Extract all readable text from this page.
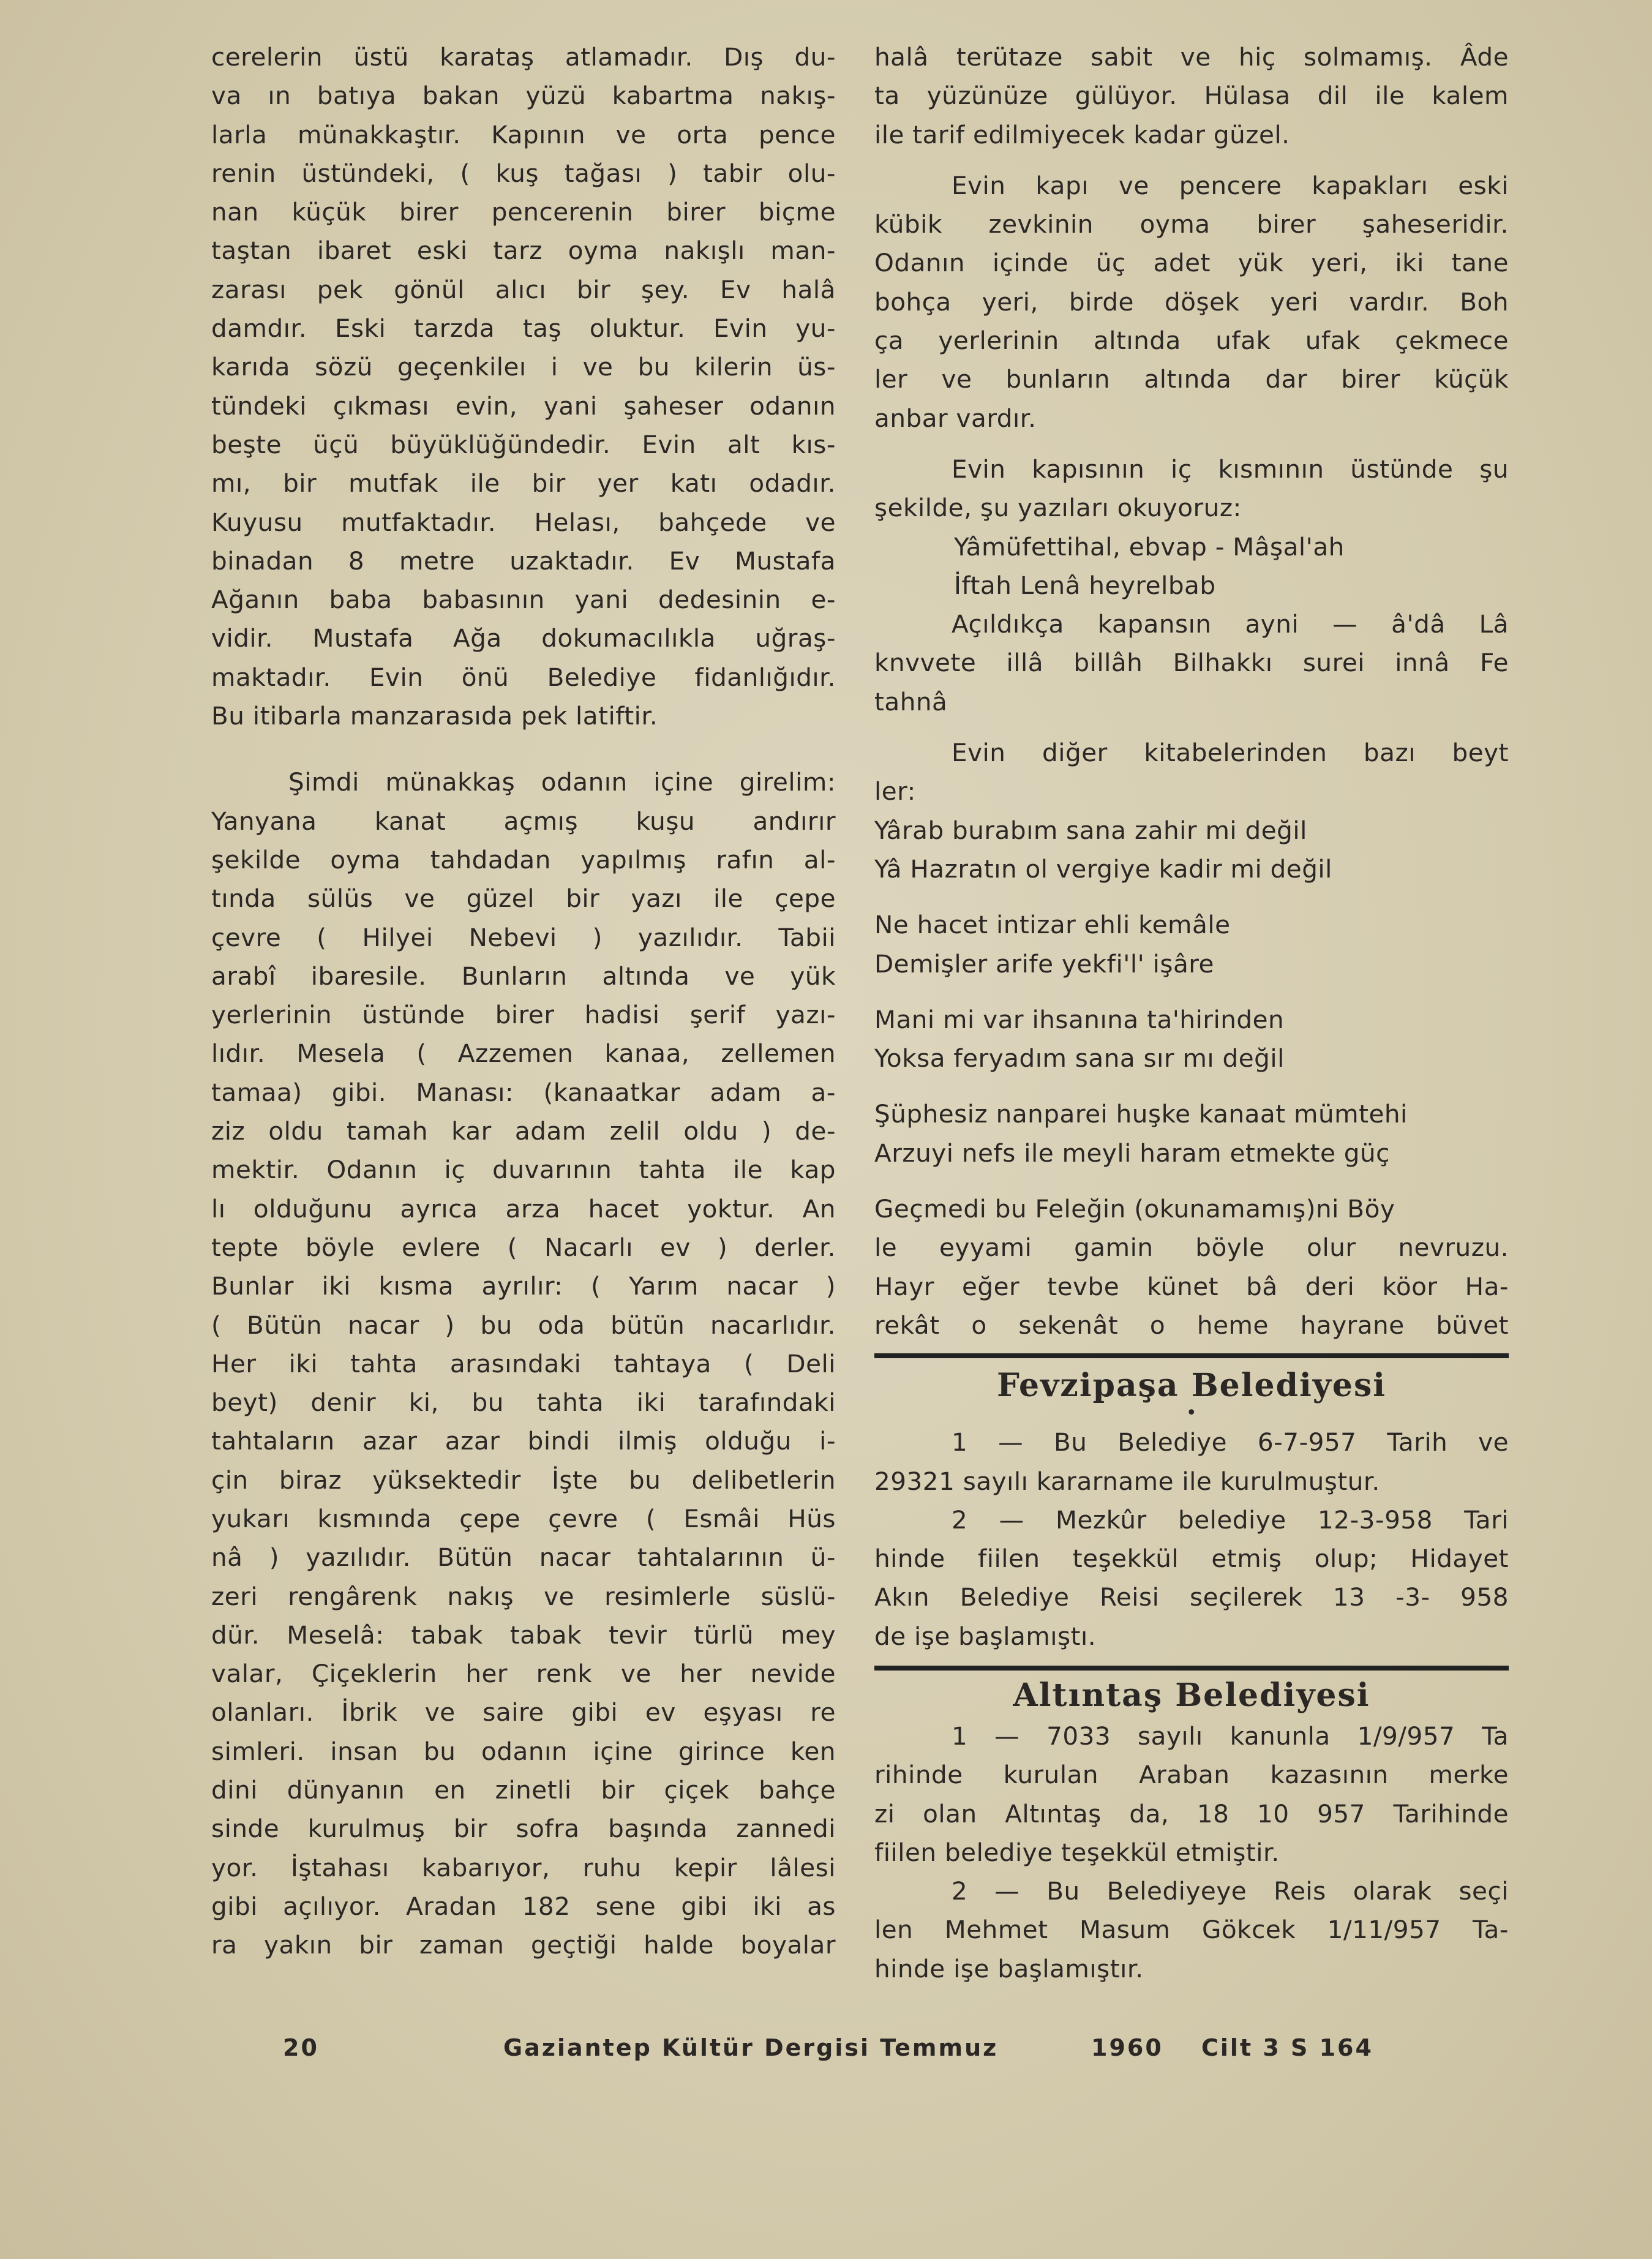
cerelerin üstü karataş atlamadır. Dış du-
va ın batıya bakan yüzü kabartma nakış-
larla münakkaştır. Kapının ve orta pence
renin üstündeki, ( kuş tağası ) tabir olu-
nan küçük birer pencerenin birer biçme
taştan ibaret eski tarz oyma nakışlı man-
zarası pek gönül alıcı bir şey. Ev halâ
damdır. Eski tarzda taş oluktur. Evin yu-
karıda sözü geçenkileı i ve bu kilerin üs-
tündeki çıkması evin, yani şaheser odanın
beşte üçü büyüklüğündedir. Evin alt kıs-
mı, bir mutfak ile bir yer katı odadır.
Kuyusu mutfaktadır. Helası, bahçede ve
binadan 8 metre uzaktadır. Ev Mustafa
Ağanın baba babasının yani dedesinin e-
vidir. Mustafa Ağa dokumacılıkla uğraş-
maktadır. Evin önü Belediye fidanlığıdır.
Bu itibarla manzarasıda pek latiftir.
Şimdi münakkaş odanın içine girelim:
Yanyana kanat açmış kuşu andırır
şekilde oyma tahdadan yapılmış rafın al-
tında sülüs ve güzel bir yazı ile çepe
çevre ( Hilyei Nebevi ) yazılıdır. Tabii
arabî ibaresile. Bunların altında ve yük
yerlerinin üstünde birer hadisi şerif yazı-
lıdır. Mesela ( Azzemen kanaa, zellemen
tamaa) gibi. Manası: (kanaatkar adam a-
ziz oldu tamah kar adam zelil oldu ) de-
mektir. Odanın iç duvarının tahta ile kap
lı olduğunu ayrıca arza hacet yoktur. An
tepte böyle evlere ( Nacarlı ev ) derler.
Bunlar iki kısma ayrılır: ( Yarım nacar )
( Bütün nacar ) bu oda bütün nacarlıdır.
Her iki tahta arasındaki tahtaya ( Deli
beyt) denir ki, bu tahta iki tarafındaki
tahtaların azar azar bindi ilmiş olduğu i-
çin biraz yüksektedir İşte bu delibetlerin
yukarı kısmında çepe çevre ( Esmâi Hüs
nâ ) yazılıdır. Bütün nacar tahtalarının ü-
zeri rengârenk nakış ve resimlerle süslü-
dür. Meselâ: tabak tabak tevir türlü mey
valar, Çiçeklerin her renk ve her nevide
olanları. İbrik ve saire gibi ev eşyası re
simleri. insan bu odanın içine girince ken
dini dünyanın en zinetli bir çiçek bahçe
sinde kurulmuş bir sofra başında zannedi
yor. İştahası kabarıyor, ruhu kepir lâlesi
gibi açılıyor. Aradan 182 sene gibi iki as
ra yakın bir zaman geçtiği halde boyalar
halâ terütaze sabit ve hiç solmamış. Âde
ta yüzünüze gülüyor. Hülasa dil ile kalem
ile tarif edilmiyecek kadar güzel.
Evin kapı ve pencere kapakları eski
kübik zevkinin oyma birer şaheseridir.
Odanın içinde üç adet yük yeri, iki tane
bohça yeri, birde döşek yeri vardır. Boh
ça yerlerinin altında ufak ufak çekmece
ler ve bunların altında dar birer küçük
anbar vardır.
Evin kapısının iç kısmının üstünde şu
şekilde, şu yazıları okuyoruz:
Yâmüfettihal, ebvap - Mâşal'ah
İftah Lenâ heyrelbab
Açıldıkça kapansın ayni — â'dâ Lâ
knvvete illâ billâh Bilhakkı surei innâ Fe
tahnâ
Evin diğer kitabelerinden bazı beyt
ler:
Yârab burabım sana zahir mi değil
Yâ Hazratın ol vergiye kadir mi değil
Ne hacet intizar ehli kemâle
Demişler arife yekfi'l' işâre
Mani mi var ihsanına ta'hirinden
Yoksa feryadım sana sır mı değil
Şüphesiz nanparei huşke kanaat mümtehi
Arzuyi nefs ile meyli haram etmekte güç
Geçmedi bu Feleğin (okunamamış)ni Böy
le eyyami gamin böyle olur nevruzu.
Hayr eğer tevbe künet bâ deri köor Ha-
rekât o sekenât o heme hayrane büvet
Fevzipaşa Belediyesi
•
1 — Bu Belediye 6-7-957 Tarih ve
29321 sayılı kararname ile kurulmuştur.
2 — Mezkûr belediye 12-3-958 Tari
hinde fiilen teşekkül etmiş olup; Hidayet
Akın Belediye Reisi seçilerek 13 -3- 958
de işe başlamıştı.
Altıntaş Belediyesi
1 — 7033 sayılı kanunla 1/9/957 Ta
rihinde kurulan Araban kazasının merke
zi olan Altıntaş da, 18 10 957 Tarihinde
fiilen belediye teşekkül etmiştir.
2 — Bu Belediyeye Reis olarak seçi
len Mehmet Masum Gökcek 1/11/957 Ta-
hinde işe başlamıştır.
20	Gaziantep Kültür Dergisi Temmuz	1960 Cilt 3 S 164
